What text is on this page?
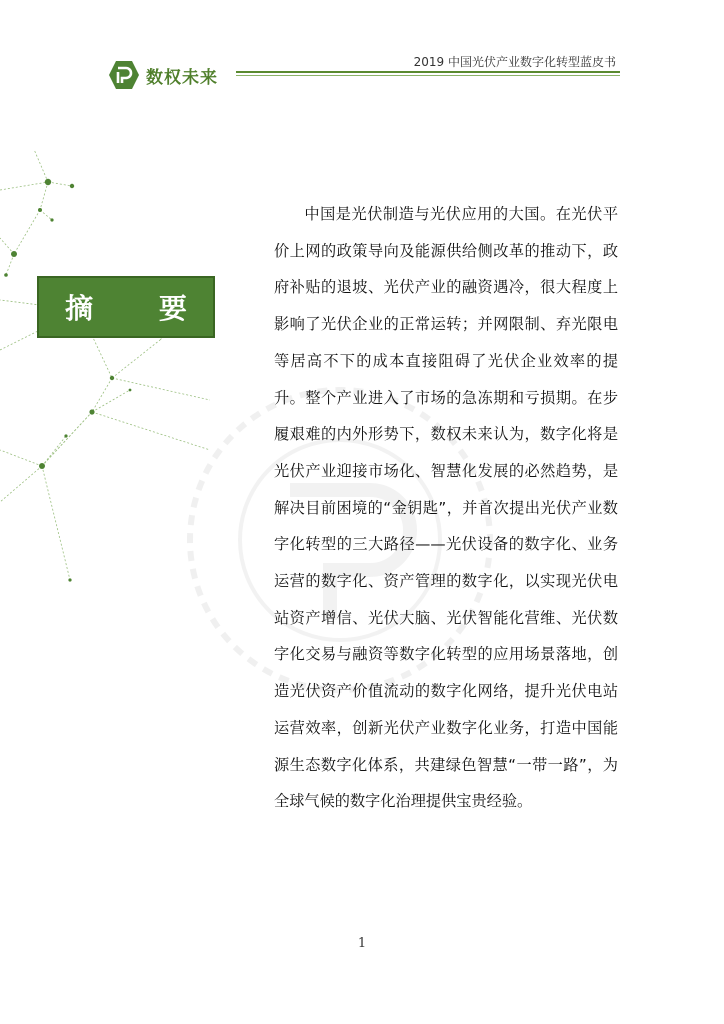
2019 中国光伏产业数字化转型蓝皮书
数权未来
摘 要
中国是光伏制造与光伏应用的大国。在光伏平价上网的政策导向及能源供给侧改革的推动下，政府补贴的退坡、光伏产业的融资遇冷，很大程度上影响了光伏企业的正常运转；并网限制、弃光限电等居高不下的成本直接阻碍了光伏企业效率的提升。整个产业进入了市场的急冻期和亏损期。在步履艰难的内外形势下，数权未来认为，数字化将是光伏产业迎接市场化、智慧化发展的必然趋势，是解决目前困境的“金钥匙”，并首次提出光伏产业数字化转型的三大路径——光伏设备的数字化、业务运营的数字化、资产管理的数字化，以实现光伏电站资产增信、光伏大脑、光伏智能化营维、光伏数字化交易与融资等数字化转型的应用场景落地，创造光伏资产价值流动的数字化网络，提升光伏电站运营效率，创新光伏产业数字化业务，打造中国能源生态数字化体系，共建绿色智慧“一带一路”，为全球气候的数字化治理提供宝贵经验。
1
